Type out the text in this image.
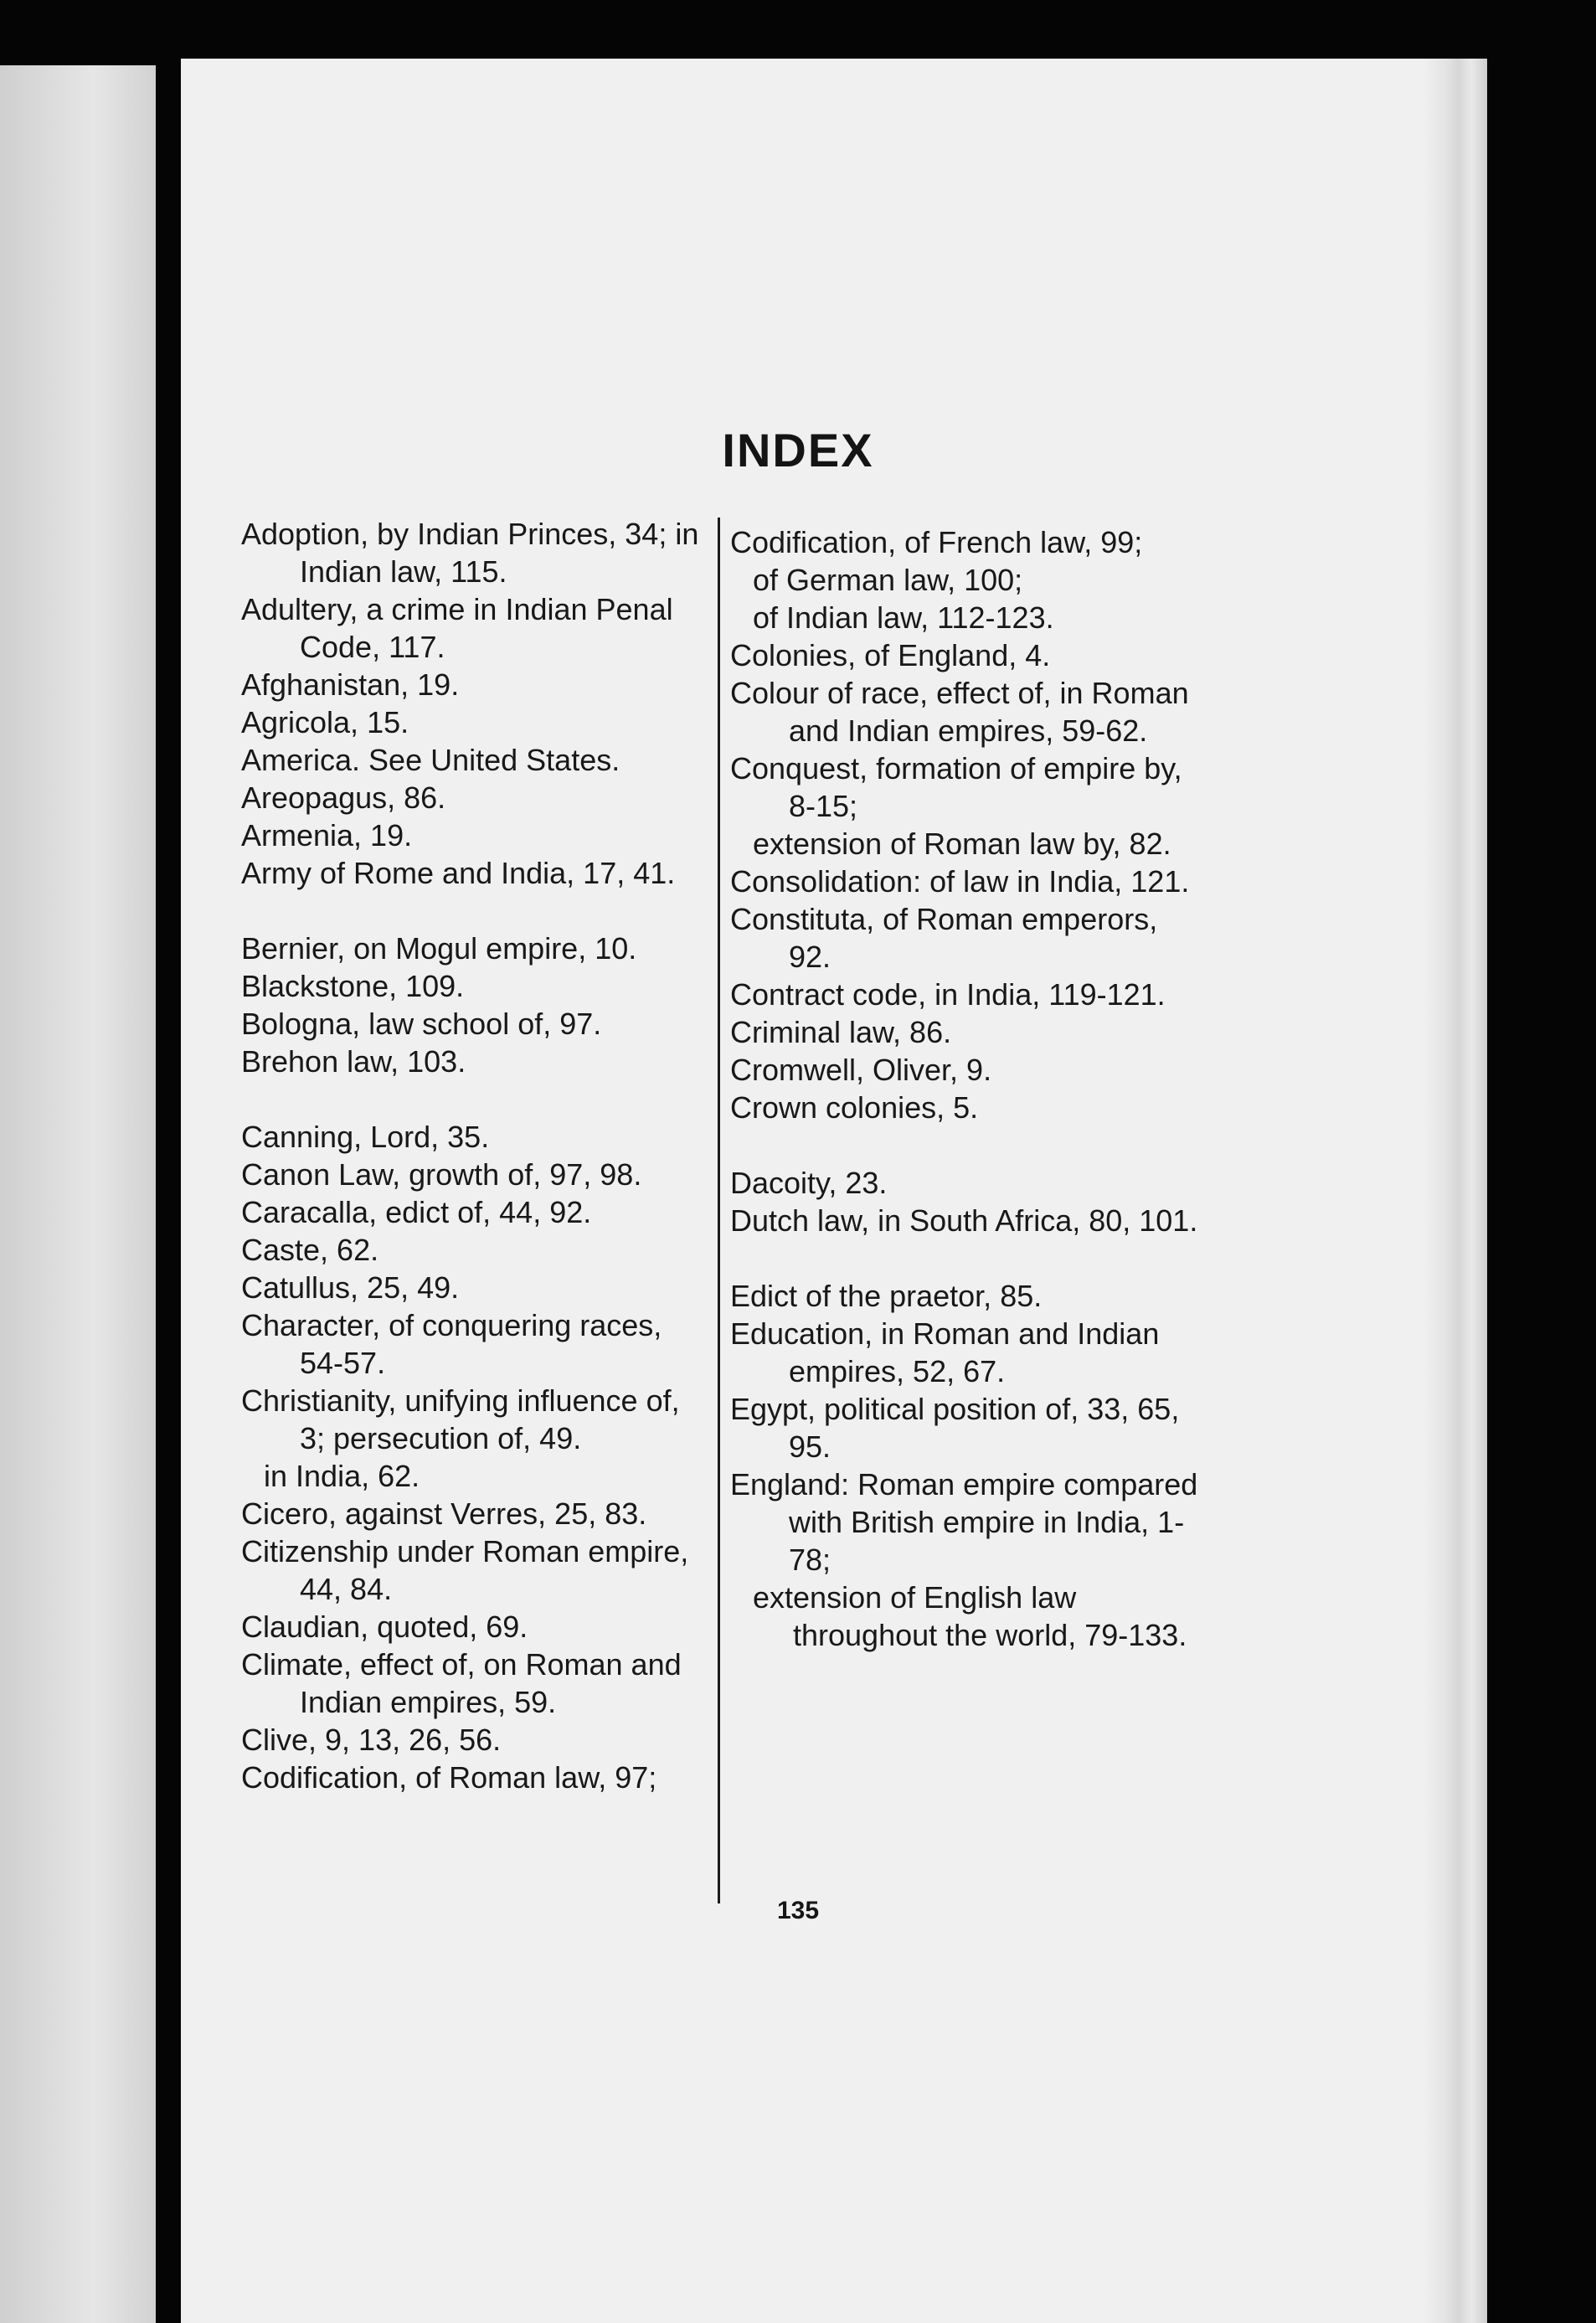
INDEX

Adoption, by Indian Princes, 34; in Indian law, 115.

Adultery, a crime in Indian Penal Code, 117.

Afghanistan, 19.

Agricola, 15.

America. See United States.

Areopagus, 86.

Armenia, 19.

Army of Rome and India, 17, 41.

Bernier, on Mogul empire, 10.

Blackstone, 109.

Bologna, law school of, 97.

Brehon law, 103.

Canning, Lord, 35.

Canon Law, growth of, 97, 98.

Caracalla, edict of, 44, 92.

Caste, 62.

Catullus, 25, 49.

Character, of conquering races, 54-57.

Christianity, unifying influence of, 3; persecution of, 49.

in India, 62.

Cicero, against Verres, 25, 83.

Citizenship under Roman empire, 44, 84.

Claudian, quoted, 69.

Climate, effect of, on Roman and Indian empires, 59.

Clive, 9, 13, 26, 56.

Codification, of Roman law, 97;

Codification, of French law, 99;

of German law, 100;

of Indian law, 112-123.

Colonies, of England, 4.

Colour of race, effect of, in Roman and Indian empires, 59-62.

Conquest, formation of empire by, 8-15;

extension of Roman law by, 82.

Consolidation: of law in India, 121.

Constituta, of Roman emperors, 92.

Contract code, in India, 119-121.

Criminal law, 86.

Cromwell, Oliver, 9.

Crown colonies, 5.

Dacoity, 23.

Dutch law, in South Africa, 80, 101.

Edict of the praetor, 85.

Education, in Roman and Indian empires, 52, 67.

Egypt, political position of, 33, 65, 95.

England: Roman empire compared with British empire in India, 1-78;

extension of English law throughout the world, 79-133.

135
